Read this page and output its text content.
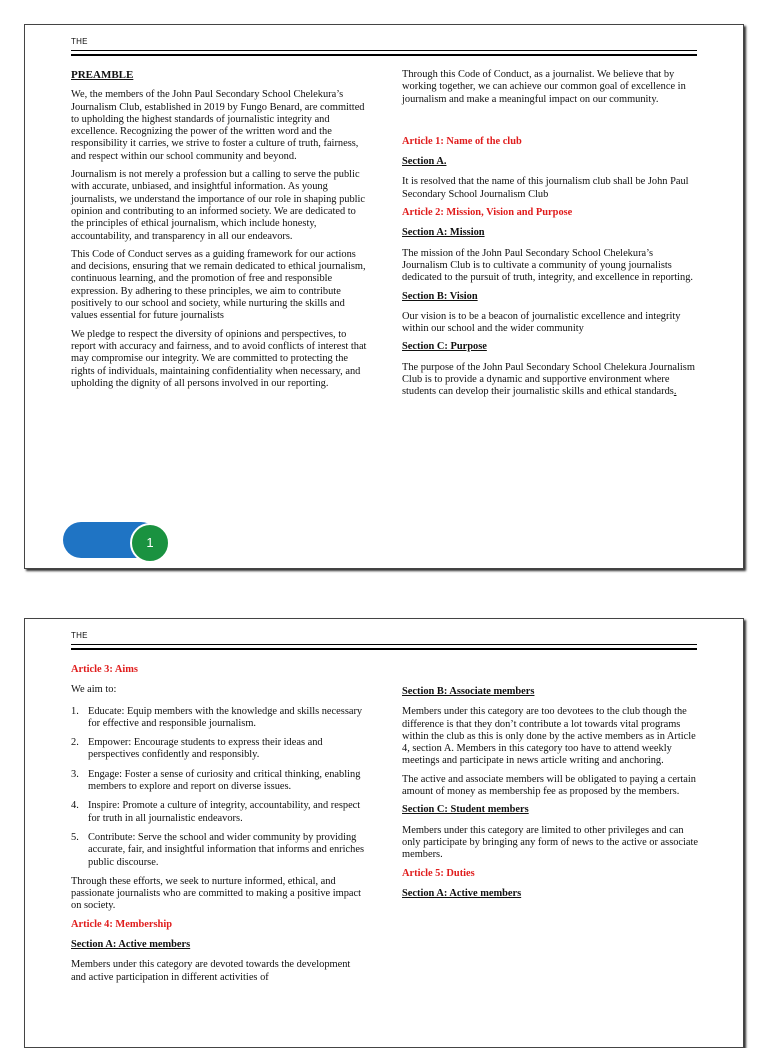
THE
PREAMBLE

We, the members of the John Paul Secondary School Chelekura’s Journalism Club, established in 2019 by Fungo Benard, are committed to upholding the highest standards of journalistic integrity and excellence. Recognizing the power of the written word and the responsibility it carries, we strive to foster a culture of truth, fairness, and respect within our school community and beyond.

Journalism is not merely a profession but a calling to serve the public with accurate, unbiased, and insightful information. As young journalists, we understand the importance of our role in shaping public opinion and contributing to an informed society. We are dedicated to the principles of ethical journalism, which include honesty, accountability, and transparency in all our endeavors.

This Code of Conduct serves as a guiding framework for our actions and decisions, ensuring that we remain dedicated to ethical journalism, continuous learning, and the promotion of free and responsible expression. By adhering to these principles, we aim to contribute positively to our school and society, while nurturing the skills and values essential for future journalists

We pledge to respect the diversity of opinions and perspectives, to report with accuracy and fairness, and to avoid conflicts of interest that may compromise our integrity. We are committed to protecting the rights of individuals, maintaining confidentiality when necessary, and upholding the dignity of all persons involved in our reporting.

Through this Code of Conduct, as a journalist. We believe that by working together, we can achieve our common goal of excellence in journalism and make a meaningful impact on our community.

Article 1: Name of the club
Section A.

It is resolved that the name of this journalism club shall be John Paul Secondary School Journalism Club

Article 2: Mission, Vision and Purpose
Section A: Mission

The mission of the John Paul Secondary School Chelekura’s Journalism Club is to cultivate a community of young journalists dedicated to the pursuit of truth, integrity, and excellence in reporting.

Section B: Vision

Our vision is to be a beacon of journalistic excellence and integrity within our school and the wider community

Section C: Purpose

The purpose of the John Paul Secondary School Chelekura Journalism Club is to provide a dynamic and supportive environment where students can develop their journalistic skills and ethical standards.

1
THE
Article 3: Aims

We aim to:

1. Educate: Equip members with the knowledge and skills necessary for effective and responsible journalism.
2. Empower: Encourage students to express their ideas and perspectives confidently and responsibly.
3. Engage: Foster a sense of curiosity and critical thinking, enabling members to explore and report on diverse issues.
4. Inspire: Promote a culture of integrity, accountability, and respect for truth in all journalistic endeavors.
5. Contribute: Serve the school and wider community by providing accurate, fair, and insightful information that informs and enriches public discourse.

Through these efforts, we seek to nurture informed, ethical, and passionate journalists who are committed to making a positive impact on society.

Article 4: Membership
Section A: Active members

Members under this category are devoted towards the development and active participation in different activities of

Section B: Associate members

Members under this category are too devotees to the club though the difference is that they don’t contribute a lot towards vital programs within the club as this is only done by the active members as in Article 4, section A. Members in this category too have to attend weekly meetings and participate in news article writing and anchoring.

The active and associate members will be obligated to paying a certain amount of money as membership fee as proposed by the members.

Section C: Student members

Members under this category are limited to other privileges and can only participate by bringing any form of news to the active or associate members.

Article 5: Duties
Section A: Active members
